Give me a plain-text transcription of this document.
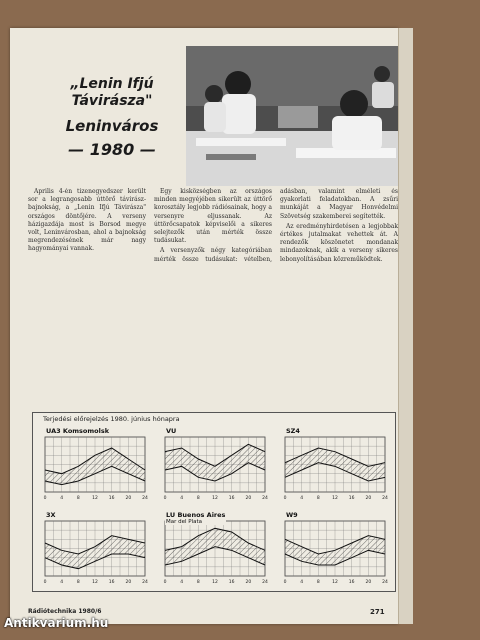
„Lenin Ifjú Távirásza"
Leninváros
— 1980 —

Április 4-én tizenegyedszer került sor a legrangosabb úttörő távirász-bajnokság, a „Lenin Ifjú Távirásza" országos döntőjére. A verseny házigazdája most is Borsod megye volt, Leninvárosban, ahol a bajnokság megrendezésének már nagy hagyományai vannak.

Egy kisközségben az országos minden megyéjében sikerült az úttörő korosztály legjobb rádiósainak, hogy a versenyre eljussanak. Az úttörőcsapatok képviselői a sikeres selejtezők után mérték össze tudásukat.

A versenyzők négy kategóriában mérték össze tudásukat: vételben, adásban, valamint elméleti és gyakorlati feladatokban. A zsűri munkáját a Magyar Honvédelmi Szövetség szakemberei segítették.

Az eredményhirdetésen a legjobbak értékes jutalmakat vehettek át. A rendezők köszönetet mondanak mindazoknak, akik a verseny sikeres lebonyolításában közreműködtek.

Terjedési előrejelzés 1980. június hónapra
0	4	8	12 16 20 24
UA3 Komsomolsk
0	4	8	12 16 20 24
VU
0	4	8	12 16 20 24
SZ4
0	4	8	12 16 20 24
3X
0	4	8	12 16 20 24
LU Buenos Aires
Mar del Plata
0	4	8	12 16 20 24
W9
Rádiótechnika 1980/6	271
Antikvarium.hu
